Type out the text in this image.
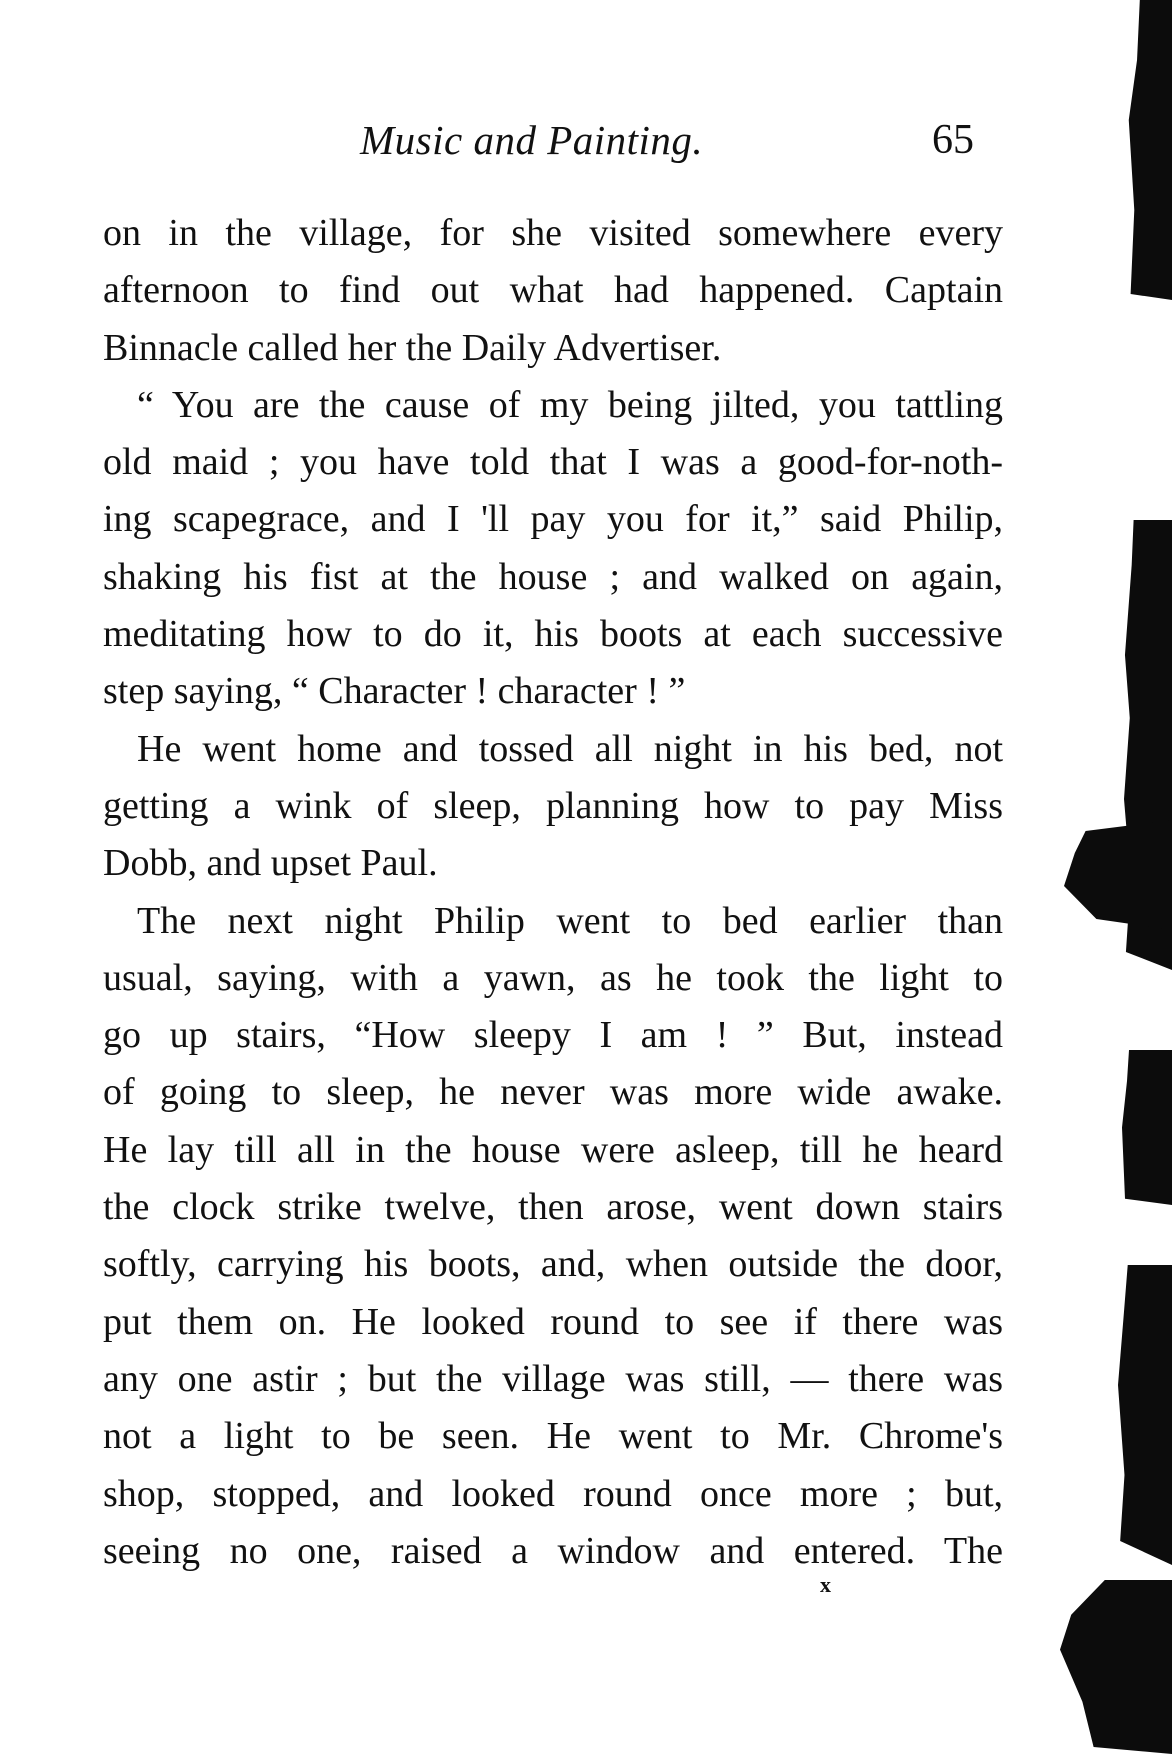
Music and Painting.	65
on in the village, for she visited somewhere every
afternoon to find out what had happened. Captain
Binnacle called her the Daily Advertiser.
“ You are the cause of my being jilted, you tattling
old maid ; you have told that I was a good-for-noth-
ing scapegrace, and I 'll pay you for it,” said Philip,
shaking his fist at the house ; and walked on again,
meditating how to do it, his boots at each successive
step saying, “ Character ! character ! ”
He went home and tossed all night in his bed, not
getting a wink of sleep, planning how to pay Miss
Dobb, and upset Paul.
The next night Philip went to bed earlier than
usual, saying, with a yawn, as he took the light to
go up stairs, “How sleepy I am ! ” But, instead
of going to sleep, he never was more wide awake.
He lay till all in the house were asleep, till he heard
the clock strike twelve, then arose, went down stairs
softly, carrying his boots, and, when outside the door,
put them on. He looked round to see if there was
any one astir ; but the village was still, — there was
not a light to be seen. He went to Mr. Chrome's
shop, stopped, and looked round once more ; but,
seeing no one, raised a window and entered. The
x
